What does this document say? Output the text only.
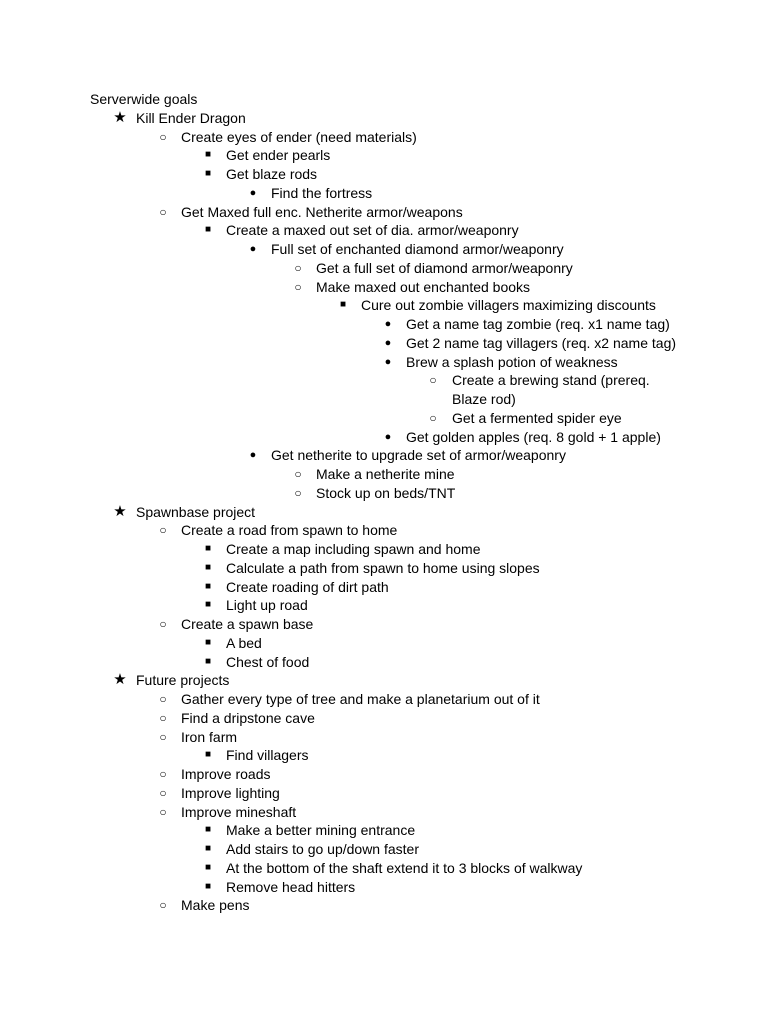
Serverwide goals
★ Kill Ender Dragon
○ Create eyes of ender (need materials)
■ Get ender pearls
■ Get blaze rods
● Find the fortress
○ Get Maxed full enc. Netherite armor/weapons
■ Create a maxed out set of dia. armor/weaponry
● Full set of enchanted diamond armor/weaponry
○ Get a full set of diamond armor/weaponry
○ Make maxed out enchanted books
■ Cure out zombie villagers maximizing discounts
● Get a name tag zombie (req. x1 name tag)
● Get 2 name tag villagers (req. x2 name tag)
● Brew a splash potion of weakness
○ Create a brewing stand (prereq.
Blaze rod)
○ Get a fermented spider eye
● Get golden apples (req. 8 gold + 1 apple)
● Get netherite to upgrade set of armor/weaponry
○ Make a netherite mine
○ Stock up on beds/TNT
★ Spawnbase project
○ Create a road from spawn to home
■ Create a map including spawn and home
■ Calculate a path from spawn to home using slopes
■ Create roading of dirt path
■ Light up road
○ Create a spawn base
■ A bed
■ Chest of food
★ Future projects
○ Gather every type of tree and make a planetarium out of it
○ Find a dripstone cave
○ Iron farm
■ Find villagers
○ Improve roads
○ Improve lighting
○ Improve mineshaft
■ Make a better mining entrance
■ Add stairs to go up/down faster
■ At the bottom of the shaft extend it to 3 blocks of walkway
■ Remove head hitters
○ Make pens
